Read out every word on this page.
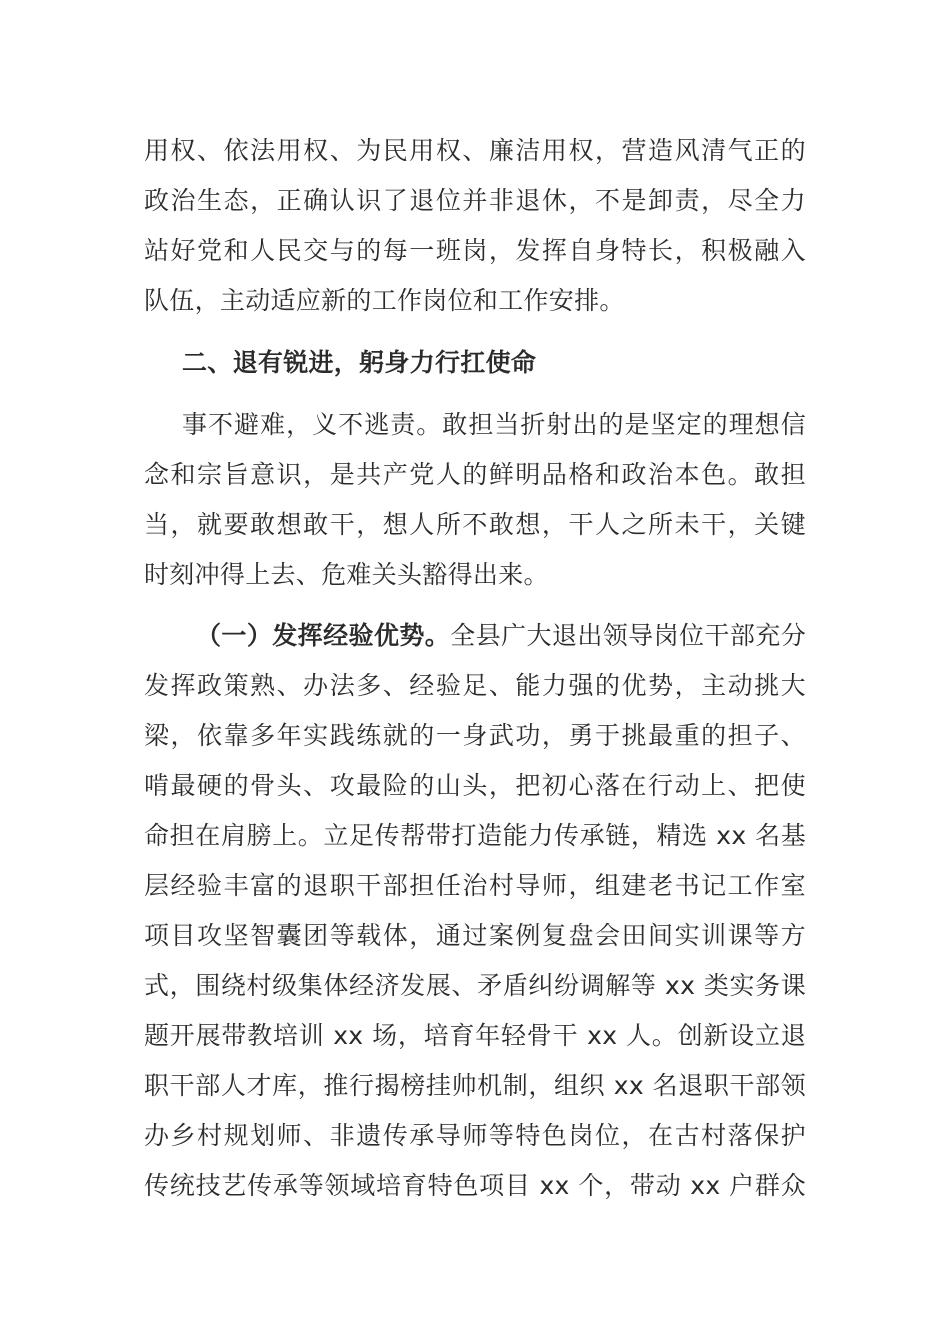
用权、依法用权、为民用权、廉洁用权，营造风清气正的
政治生态，正确认识了退位并非退休，不是卸责，尽全力
站好党和人民交与的每一班岗，发挥自身特长，积极融入
队伍，主动适应新的工作岗位和工作安排。
二、退有锐进，躬身力行扛使命
事不避难，义不逃责。敢担当折射出的是坚定的理想信
念和宗旨意识，是共产党人的鲜明品格和政治本色。敢担
当，就要敢想敢干，想人所不敢想，干人之所未干，关键
时刻冲得上去、危难关头豁得出来。
（一）发挥经验优势。全县广大退出领导岗位干部充分
发挥政策熟、办法多、经验足、能力强的优势，主动挑大
梁，依靠多年实践练就的一身武功，勇于挑最重的担子、
啃最硬的骨头、攻最险的山头，把初心落在行动上、把使
命担在肩膀上。立足传帮带打造能力传承链，精选 xx 名基
层经验丰富的退职干部担任治村导师，组建老书记工作室
项目攻坚智囊团等载体，通过案例复盘会田间实训课等方
式，围绕村级集体经济发展、矛盾纠纷调解等 xx 类实务课
题开展带教培训 xx 场，培育年轻骨干 xx 人。创新设立退
职干部人才库，推行揭榜挂帅机制，组织 xx 名退职干部领
办乡村规划师、非遗传承导师等特色岗位，在古村落保护
传统技艺传承等领域培育特色项目 xx 个，带动 xx 户群众
